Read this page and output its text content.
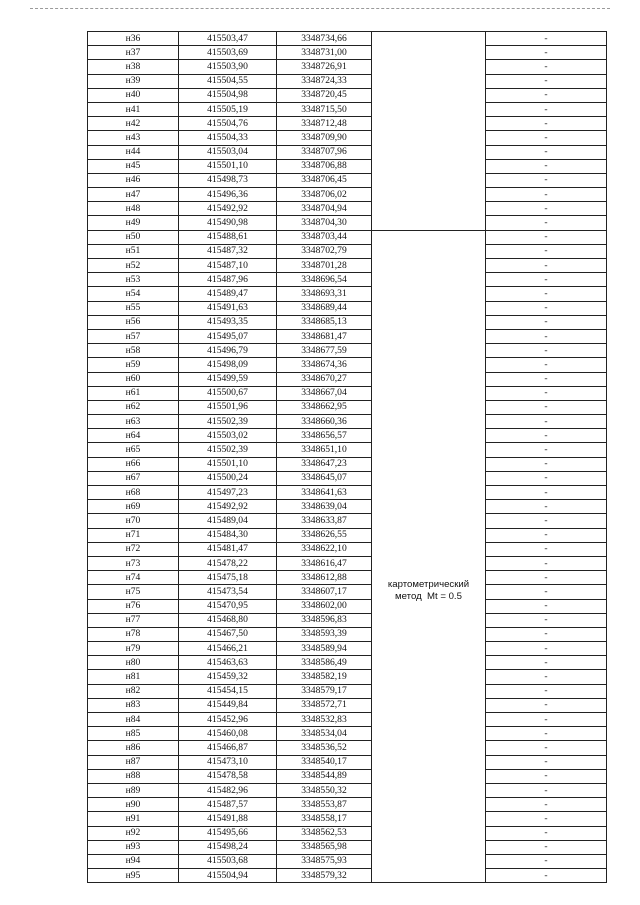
н36	415503,47	3348734,66		-
н37	415503,69	3348731,00		-
н38	415503,90	3348726,91		-
н39	415504,55	3348724,33		-
н40	415504,98	3348720,45		-
н41	415505,19	3348715,50		-
н42	415504,76	3348712,48		-
н43	415504,33	3348709,90		-
н44	415503,04	3348707,96		-
н45	415501,10	3348706,88		-
н46	415498,73	3348706,45		-
н47	415496,36	3348706,02		-
н48	415492,92	3348704,94		-
н49	415490,98	3348704,30		-
н50	415488,61	3348703,44	картометрический
метод  Mt = 0.5	-
н51	415487,32	3348702,79		-
н52	415487,10	3348701,28		-
н53	415487,96	3348696,54		-
н54	415489,47	3348693,31		-
н55	415491,63	3348689,44		-
н56	415493,35	3348685,13		-
н57	415495,07	3348681,47		-
н58	415496,79	3348677,59		-
н59	415498,09	3348674,36		-
н60	415499,59	3348670,27		-
н61	415500,67	3348667,04		-
н62	415501,96	3348662,95		-
н63	415502,39	3348660,36		-
н64	415503,02	3348656,57		-
н65	415502,39	3348651,10		-
н66	415501,10	3348647,23		-
н67	415500,24	3348645,07		-
н68	415497,23	3348641,63		-
н69	415492,92	3348639,04		-
н70	415489,04	3348633,87		-
н71	415484,30	3348626,55		-
н72	415481,47	3348622,10		-
н73	415478,22	3348616,47		-
н74	415475,18	3348612,88		-
н75	415473,54	3348607,17		-
н76	415470,95	3348602,00		-
н77	415468,80	3348596,83		-
н78	415467,50	3348593,39		-
н79	415466,21	3348589,94		-
н80	415463,63	3348586,49		-
н81	415459,32	3348582,19		-
н82	415454,15	3348579,17		-
н83	415449,84	3348572,71		-
н84	415452,96	3348532,83		-
н85	415460,08	3348534,04		-
н86	415466,87	3348536,52		-
н87	415473,10	3348540,17		-
н88	415478,58	3348544,89		-
н89	415482,96	3348550,32		-
н90	415487,57	3348553,87		-
н91	415491,88	3348558,17		-
н92	415495,66	3348562,53		-
н93	415498,24	3348565,98		-
н94	415503,68	3348575,93		-
н95	415504,94	3348579,32		-
